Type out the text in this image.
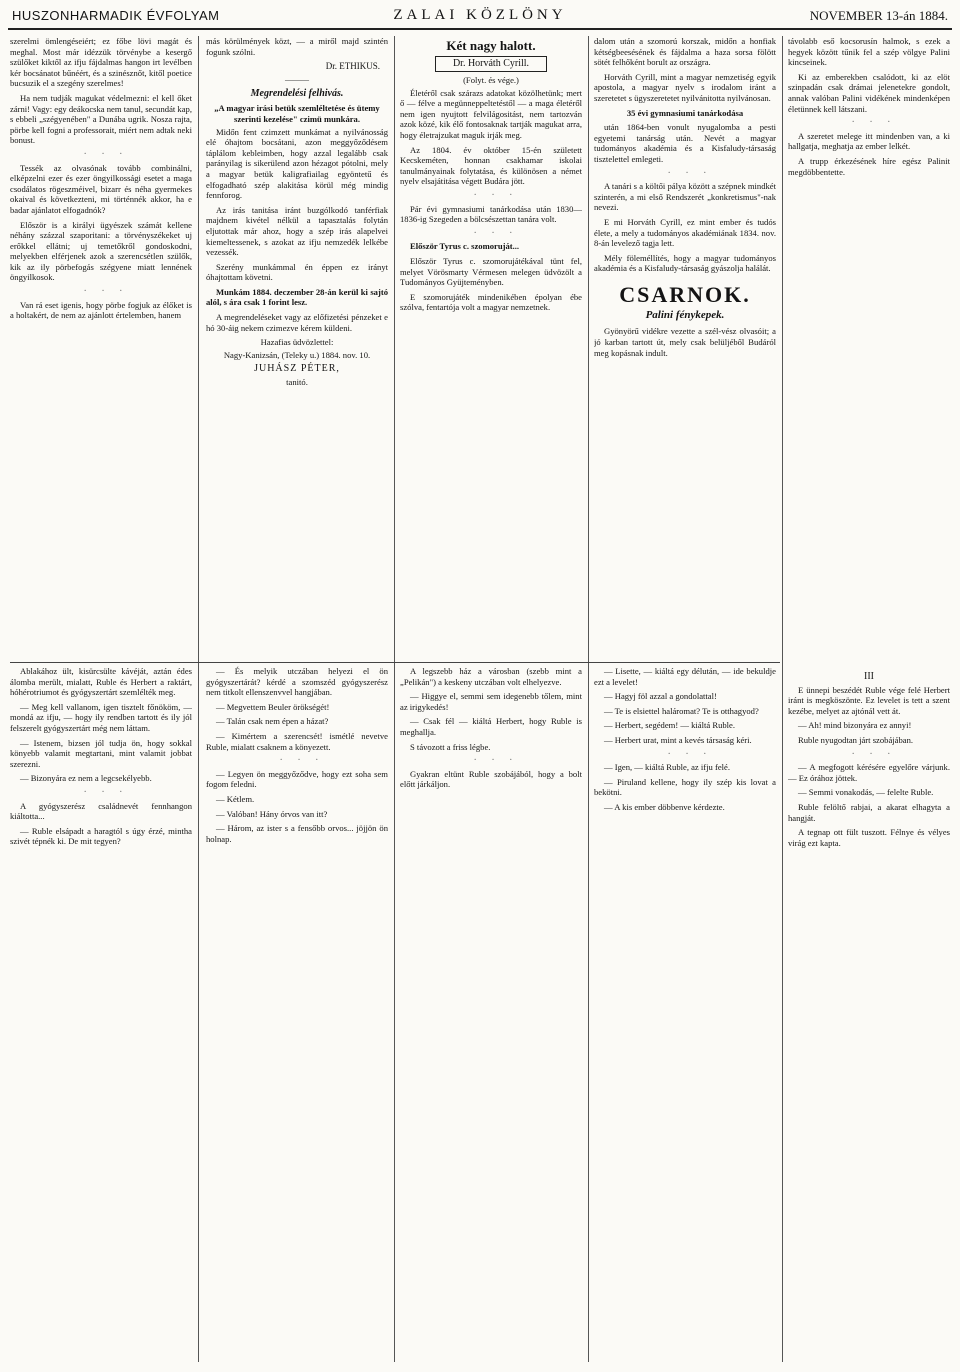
HUSZONHARMADIK ÉVFOLYAM	ZALAI KÖZLÖNY	NOVEMBER 13-án 1884.

szerelmi ömlengéseiért; ez főbe lövi magát és meghal. Most már idézzük törvénybe a kesergő szülőket kiktől az ifju fájdalmas hangon irt levélben kér bocsánatot bűnéért, és a szinésznőt, kitől poetice bucsuzik el a szegény szerelmes!

Ha nem tudják magukat védelmezni: el kell őket zárni! Vagy: egy deákocska nem tanul, secundát kap, s ebbeli „szégyenében" a Dunába ugrik. Nosza rajta, pörbe kell fogni a professorait, miért nem adtak neki bonust.

· · ·

Tessék az olvasónak tovább combinálni, elképzelni ezer és ezer öngyilkossági esetet a maga csodálatos rögeszméivel, bizarr és néha gyermekes okaival és következteni, mi történnék akkor, ha e badar ajánlatot elfogadnók?

Először is a királyi ügyészek számát kellene néhány százzal szaporitani: a törvényszékeket uj erőkkel ellátni; uj temetőkről gondoskodni, melyekben elférjenek azok a szerencsétlen szülők, kik az ily pörbefogás szégyene miatt lennének öngyilkosok.

· · ·

Van rá eset igenis, hogy pörbe fogjuk az élőket is a holtakért, de nem az ajánlott értelemben, hanem

Ablakához ült, kisürcsülte kávéját, aztán édes álomba merült, mialatt, Ruble és Herbert a raktárt, hóhérotriumot és gyógyszertárt szemlélték meg.

— Meg kell vallanom, igen tisztelt főnököm, — mondá az ifju, — hogy ily rendben tartott és ily jól felszerelt gyógyszertárt még nem láttam.

— Istenem, bizsen jól tudja ön, hogy sokkal könyebb valamit megtartani, mint valamit jobbat szerezni.

— Bizonyára ez nem a legcsekélyebb.

· · ·

A gyógyszerész családnevét fennhangon kiáltotta...

— Ruble elsápadt a haragtól s úgy érzé, mintha szivét tépnék ki. De mit tegyen?

más körülmények közt, — a miről majd szintén fogunk szólni.

Dr. ETHIKUS.
———
Megrendelési felhivás.
„A magyar irási betük szemléltetése és ütemy szerinti kezelése" czimü munkára.

Midőn fent czimzett munkámat a nyilvánosság elé óhajtom bocsátani, azon meggyőződésem táplálom kebleimben, hogy azzal legalább csak parányilag is sikerülend azon hézagot pótolni, mely a magyar betük kaligrafiailag egyöntetű és elfogadható szép alakitása körül még mindig fennforog.

Az irás tanitása iránt buzgólkodó tanférfiak majdnem kivétel nélkül a tapasztalás folytán eljutottak már ahoz, hogy a szép irás alapelvei kiemeltessenek, s azokat az ifju nemzedék lelkébe vezessék.

Szerény munkámmal én éppen ez irányt óhajtottam követni.

Munkám 1884. deczember 28-án kerül ki sajtó alól, s ára csak 1 forint lesz.

A megrendeléseket vagy az előfizetési pénzeket e hó 30-áig nekem czimezve kérem küldeni.

Hazafias üdvözlettel:
Nagy-Kanizsán, (Teleky u.) 1884. nov. 10.
JUHÁSZ PÉTER,
tanitó.

— És melyik utczában helyezi el ön gyógyszertárát? kérdé a szomszéd gyógyszerész nem titkolt ellenszenvvel hangjában.

— Megvettem Beuler örökségét!

— Talán csak nem épen a házat?

— Kimértem a szerencsét! ismétlé nevetve Ruble, mialatt csaknem a könyezett.

· · ·

— Legyen ön meggyőződve, hogy ezt soha sem fogom feledni.

— Kétlem.

— Valóban! Hány órvos van itt?

— Három, az ister s a fensőbb orvos... jöjjön ön holnap.

Két nagy halott.
Dr. Horváth Cyrill.
(Folyt. és vége.)

Életéről csak szárazs adatokat közölhetünk; mert ő — félve a megünneppeltetéstől — a maga életéről nem igen nyujtott felvilágositást, nem tartozván azok közé, kik élő fontosaknak tartják magukat arra, hogy életrajzukat maguk irják meg.

Az 1804. év október 15-én született Kecskeméten, honnan csakhamar iskolai tanulmányainak folytatása, és különösen a német nyelv elsajátitása végett Budára jött.

· · ·

Pár évi gymnasiumi tanárkodása után 1830—1836-ig Szegeden a bölcsészettan tanára volt.

· · ·

Először Tyrus c. szomoruját...

Először Tyrus c. szomorujátékával tünt fel, melyet Vörösmarty Vérmesen melegen üdvözölt a Tudományos Gyüjteményben.

E szomorujáték mindenikében épolyan ébe szólva, fentartója volt a magyar nemzetnek.

A legszebb ház a városban (szebb mint a „Pelikán") a keskeny utczában volt elhelyezve.

— Higgye el, semmi sem idegenebb tőlem, mint az irigykedés!

— Csak fél — kiáltá Herbert, hogy Ruble is meghallja.

S távozott a friss légbe.

· · ·

Gyakran eltünt Ruble szobájából, hogy a bolt előtt járkáljon.

dalom után a szomorú korszak, midőn a honfiak kétségbeesésének és fájdalma a haza sorsa fölött sötét felhőként borult az országra.

Horváth Cyrill, mint a magyar nemzetiség egyik apostola, a magyar nyelv s irodalom iránt a szeretetet s ügyszeretetet nyilvánitotta nyilvánosan.

35 évi gymnasiumi tanárkodása

után 1864-ben vonult nyugalomba a pesti egyetemi tanárság után. Nevét a magyar tudományos akadémia és a Kisfaludy-társaság tisztelettel emlegeti.

· · ·

A tanári s a költői pálya között a szépnek mindkét szinterén, a mi első Rendszerét „konkretismus"-nak nevezi.

E mi Horváth Cyrill, ez mint ember és tudós élete, a mely a tudományos akadémiának 1834. nov. 8-án levelező tagja lett.

Mély föleméllítés, hogy a magyar tudományos akadémia és a Kisfaludy-társaság gyászolja halálát.

CSARNOK.
Palini fénykepek.

Gyönyörű vidékre vezette a szél-vész olvasóit; a jó karban tartott út, mely csak belüljéből Budáról meg kopásnak indult.

— Lisette, — kiáltá egy délután, — ide bekuldje ezt a levelet!

— Hagyj föl azzal a gondolattal!

— Te is elsiettel haláromat? Te is otthagyod?

— Herbert, segédem! — kiáltá Ruble.

— Herbert urat, mint a kevés társaság kéri.

· · ·

— Igen, — kiáltá Ruble, az ifju felé.

— Piruland kellene, hogy ily szép kis lovat a bekötni.

— A kis ember döbbenve kérdezte.

távolabb eső kocsorusín halmok, s ezek a hegyek között tűnik fel a szép völgye Palini kincseinek.

Ki az emberekben csalódott, ki az elöt szinpadán csak drámai jelenetekre gondolt, annak valóban Palini vidékének mindenképen életünnek kell látszani.

· · ·

A szeretet melege itt mindenben van, a ki hallgatja, meghatja az ember lelkét.

A trupp érkezésének híre egész Palinit megdöbbentette.

III

E ünnepi beszédét Ruble vége felé Herbert iránt is megköszönte. Ez levelet is tett a szent kezébe, melyet az ajtónál vett át.

— Ah! mind bizonyára ez annyi!

Ruble nyugodtan járt szobájában.

· · ·

— A megfogott kérésére egyelőre várjunk. — Ez órához jöttek.

— Semmi vonakodás, — felelte Ruble.

Ruble felöltő rabjai, a akarat elhagyta a hangját.

A tegnap ott fült tuszott. Félnye és vélyes virág ezt kapta.
